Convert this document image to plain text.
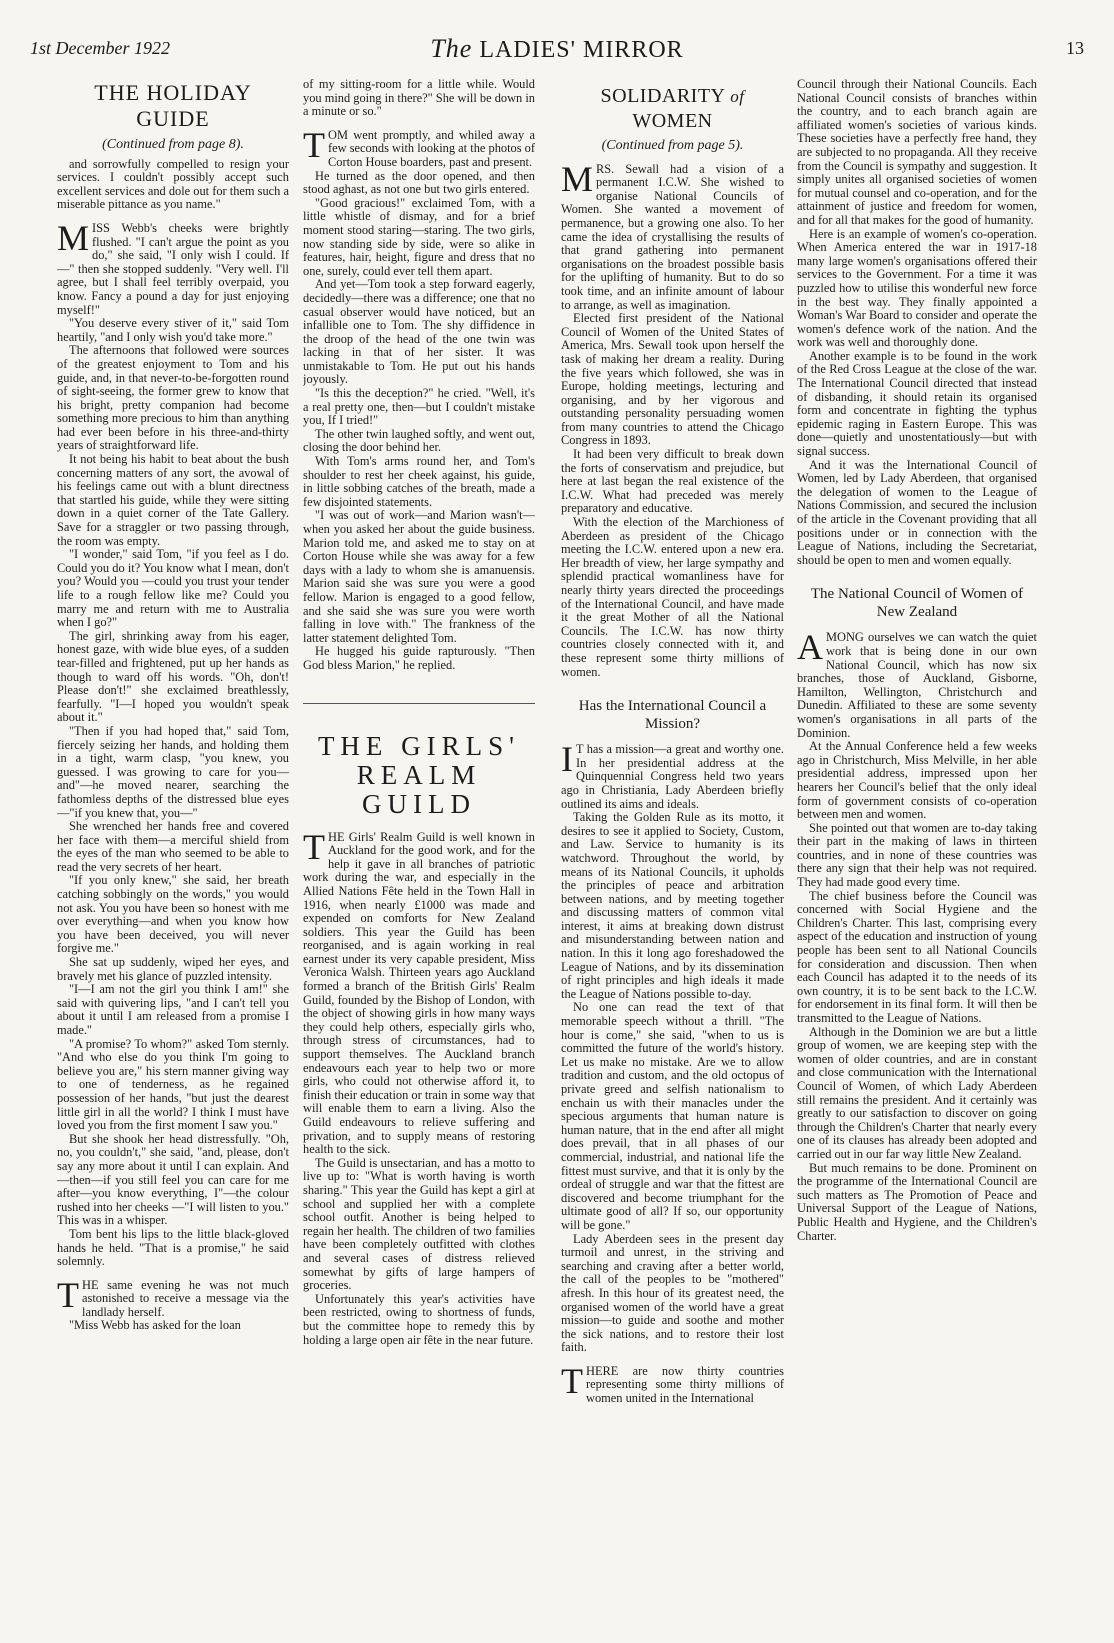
1st December 1922	The LADIES' MIRROR	13
THE HOLIDAY GUIDE
(Continued from page 8).

and sorrowfully compelled to resign your services. I couldn't possibly accept such excellent services and dole out for them such a miserable pittance as you name."

MISS Webb's cheeks were brightly flushed. "I can't argue the point as you do," she said, "I only wish I could. If—" then she stopped suddenly. "Very well. I'll agree, but I shall feel terribly overpaid, you know. Fancy a pound a day for just enjoying myself!"

"You deserve every stiver of it," said Tom heartily, "and I only wish you'd take more."

The afternoons that followed were sources of the greatest enjoyment to Tom and his guide, and, in that never-to-be-forgotten round of sight-seeing, the former grew to know that his bright, pretty companion had become something more precious to him than anything had ever been before in his three-and-thirty years of straightforward life.

It not being his habit to beat about the bush concerning matters of any sort, the avowal of his feelings came out with a blunt directness that startled his guide, while they were sitting down in a quiet corner of the Tate Gallery. Save for a straggler or two passing through, the room was empty.

"I wonder," said Tom, "if you feel as I do. Could you do it? You know what I mean, don't you? Would you —could you trust your tender life to a rough fellow like me? Could you marry me and return with me to Australia when I go?"

The girl, shrinking away from his eager, honest gaze, with wide blue eyes, of a sudden tear-filled and frightened, put up her hands as though to ward off his words. "Oh, don't! Please don't!" she exclaimed breathlessly, fearfully. "I—I hoped you wouldn't speak about it."

"Then if you had hoped that," said Tom, fiercely seizing her hands, and holding them in a tight, warm clasp, "you knew, you guessed. I was growing to care for you—and"—he moved nearer, searching the fathomless depths of the distressed blue eyes—"if you knew that, you—"

She wrenched her hands free and covered her face with them—a merciful shield from the eyes of the man who seemed to be able to read the very secrets of her heart.

"If you only knew," she said, her breath catching sobbingly on the words," you would not ask. You you have been so honest with me over everything—and when you know how you have been deceived, you will never forgive me."

She sat up suddenly, wiped her eyes, and bravely met his glance of puzzled intensity.

"I—I am not the girl you think I am!" she said with quivering lips, "and I can't tell you about it until I am released from a promise I made."

"A promise? To whom?" asked Tom sternly. "And who else do you think I'm going to believe you are," his stern manner giving way to one of tenderness, as he regained possession of her hands, "but just the dearest little girl in all the world? I think I must have loved you from the first moment I saw you."

But she shook her head distressfully. "Oh, no, you couldn't," she said, "and, please, don't say any more about it until I can explain. And—then—if you still feel you can care for me after—you know everything, I"—the colour rushed into her cheeks —"I will listen to you." This was in a whisper.

Tom bent his lips to the little black-gloved hands he held. "That is a promise," he said solemnly.

THE same evening he was not much astonished to receive a message via the landlady herself.

"Miss Webb has asked for the loan

of my sitting-room for a little while. Would you mind going in there?" She will be down in a minute or so."

TOM went promptly, and whiled away a few seconds with looking at the photos of Corton House boarders, past and present.

He turned as the door opened, and then stood aghast, as not one but two girls entered.

"Good gracious!" exclaimed Tom, with a little whistle of dismay, and for a brief moment stood staring—staring. The two girls, now standing side by side, were so alike in features, hair, height, figure and dress that no one, surely, could ever tell them apart.

And yet—Tom took a step forward eagerly, decidedly—there was a difference; one that no casual observer would have noticed, but an infallible one to Tom. The shy diffidence in the droop of the head of the one twin was lacking in that of her sister. It was unmistakable to Tom. He put out his hands joyously.

"Is this the deception?" he cried. "Well, it's a real pretty one, then—but I couldn't mistake you, If I tried!"

The other twin laughed softly, and went out, closing the door behind her.

With Tom's arms round her, and Tom's shoulder to rest her cheek against, his guide, in little sobbing catches of the breath, made a few disjointed statements.

"I was out of work—and Marion wasn't—when you asked her about the guide business. Marion told me, and asked me to stay on at Corton House while she was away for a few days with a lady to whom she is amanuensis. Marion said she was sure you were a good fellow. Marion is engaged to a good fellow, and she said she was sure you were worth falling in love with." The frankness of the latter statement delighted Tom.

He hugged his guide rapturously. "Then God bless Marion," he replied.

THE GIRLS'
REALM GUILD

THE Girls' Realm Guild is well known in Auckland for the good work, and for the help it gave in all branches of patriotic work during the war, and especially in the Allied Nations Fête held in the Town Hall in 1916, when nearly £1000 was made and expended on comforts for New Zealand soldiers. This year the Guild has been reorganised, and is again working in real earnest under its very capable president, Miss Veronica Walsh. Thirteen years ago Auckland formed a branch of the British Girls' Realm Guild, founded by the Bishop of London, with the object of showing girls in how many ways they could help others, especially girls who, through stress of circumstances, had to support themselves. The Auckland branch endeavours each year to help two or more girls, who could not otherwise afford it, to finish their education or train in some way that will enable them to earn a living. Also the Guild endeavours to relieve suffering and privation, and to supply means of restoring health to the sick.

The Guild is unsectarian, and has a motto to live up to: "What is worth having is worth sharing." This year the Guild has kept a girl at school and supplied her with a complete school outfit. Another is being helped to regain her health. The children of two families have been completely outfitted with clothes and several cases of distress relieved somewhat by gifts of large hampers of groceries.

Unfortunately this year's activities have been restricted, owing to shortness of funds, but the committee hope to remedy this by holding a large open air fête in the near future.

SOLIDARITY of WOMEN
(Continued from page 5).

MRS. Sewall had a vision of a permanent I.C.W. She wished to organise National Councils of Women. She wanted a movement of permanence, but a growing one also. To her came the idea of crystallising the results of that grand gathering into permanent organisations on the broadest possible basis for the uplifting of humanity. But to do so took time, and an infinite amount of labour to arrange, as well as imagination.

Elected first president of the National Council of Women of the United States of America, Mrs. Sewall took upon herself the task of making her dream a reality. During the five years which followed, she was in Europe, holding meetings, lecturing and organising, and by her vigorous and outstanding personality persuading women from many countries to attend the Chicago Congress in 1893.

It had been very difficult to break down the forts of conservatism and prejudice, but here at last began the real existence of the I.C.W. What had preceded was merely preparatory and educative.

With the election of the Marchioness of Aberdeen as president of the Chicago meeting the I.C.W. entered upon a new era. Her breadth of view, her large sympathy and splendid practical womanliness have for nearly thirty years directed the proceedings of the International Council, and have made it the great Mother of all the National Councils. The I.C.W. has now thirty countries closely connected with it, and these represent some thirty millions of women.

Has the International Council a Mission?

IT has a mission—a great and worthy one. In her presidential address at the Quinquennial Congress held two years ago in Christiania, Lady Aberdeen briefly outlined its aims and ideals.

Taking the Golden Rule as its motto, it desires to see it applied to Society, Custom, and Law. Service to humanity is its watchword. Throughout the world, by means of its National Councils, it upholds the principles of peace and arbitration between nations, and by meeting together and discussing matters of common vital interest, it aims at breaking down distrust and misunderstanding between nation and nation. In this it long ago foreshadowed the League of Nations, and by its dissemination of right principles and high ideals it made the League of Nations possible to-day.

No one can read the text of that memorable speech without a thrill. "The hour is come," she said, "when to us is committed the future of the world's history. Let us make no mistake. Are we to allow tradition and custom, and the old octopus of private greed and selfish nationalism to enchain us with their manacles under the specious arguments that human nature is human nature, that in the end after all might does prevail, that in all phases of our commercial, industrial, and national life the fittest must survive, and that it is only by the ordeal of struggle and war that the fittest are discovered and become triumphant for the ultimate good of all? If so, our opportunity will be gone."

Lady Aberdeen sees in the present day turmoil and unrest, in the striving and searching and craving after a better world, the call of the peoples to be "mothered" afresh. In this hour of its greatest need, the organised women of the world have a great mission—to guide and soothe and mother the sick nations, and to restore their lost faith.

THERE are now thirty countries representing some thirty millions of women united in the International

Council through their National Councils. Each National Council consists of branches within the country, and to each branch again are affiliated women's societies of various kinds. These societies have a perfectly free hand, they are subjected to no propaganda. All they receive from the Council is sympathy and suggestion. It simply unites all organised societies of women for mutual counsel and co-operation, and for the attainment of justice and freedom for women, and for all that makes for the good of humanity.

Here is an example of women's co-operation. When America entered the war in 1917-18 many large women's organisations offered their services to the Government. For a time it was puzzled how to utilise this wonderful new force in the best way. They finally appointed a Woman's War Board to consider and operate the women's defence work of the nation. And the work was well and thoroughly done.

Another example is to be found in the work of the Red Cross League at the close of the war. The International Council directed that instead of disbanding, it should retain its organised form and concentrate in fighting the typhus epidemic raging in Eastern Europe. This was done—quietly and unostentatiously—but with signal success.

And it was the International Council of Women, led by Lady Aberdeen, that organised the delegation of women to the League of Nations Commission, and secured the inclusion of the article in the Covenant providing that all positions under or in connection with the League of Nations, including the Secretariat, should be open to men and women equally.

The National Council of Women of New Zealand

AMONG ourselves we can watch the quiet work that is being done in our own National Council, which has now six branches, those of Auckland, Gisborne, Hamilton, Wellington, Christchurch and Dunedin. Affiliated to these are some seventy women's organisations in all parts of the Dominion.

At the Annual Conference held a few weeks ago in Christchurch, Miss Melville, in her able presidential address, impressed upon her hearers her Council's belief that the only ideal form of government consists of co-operation between men and women.

She pointed out that women are to-day taking their part in the making of laws in thirteen countries, and in none of these countries was there any sign that their help was not required. They had made good every time.

The chief business before the Council was concerned with Social Hygiene and the Children's Charter. This last, comprising every aspect of the education and instruction of young people has been sent to all National Councils for consideration and discussion. Then when each Council has adapted it to the needs of its own country, it is to be sent back to the I.C.W. for endorsement in its final form. It will then be transmitted to the League of Nations.

Although in the Dominion we are but a little group of women, we are keeping step with the women of older countries, and are in constant and close communication with the International Council of Women, of which Lady Aberdeen still remains the president. And it certainly was greatly to our satisfaction to discover on going through the Children's Charter that nearly every one of its clauses has already been adopted and carried out in our far way little New Zealand.

But much remains to be done. Prominent on the programme of the International Council are such matters as The Promotion of Peace and Universal Support of the League of Nations, Public Health and Hygiene, and the Children's Charter.
